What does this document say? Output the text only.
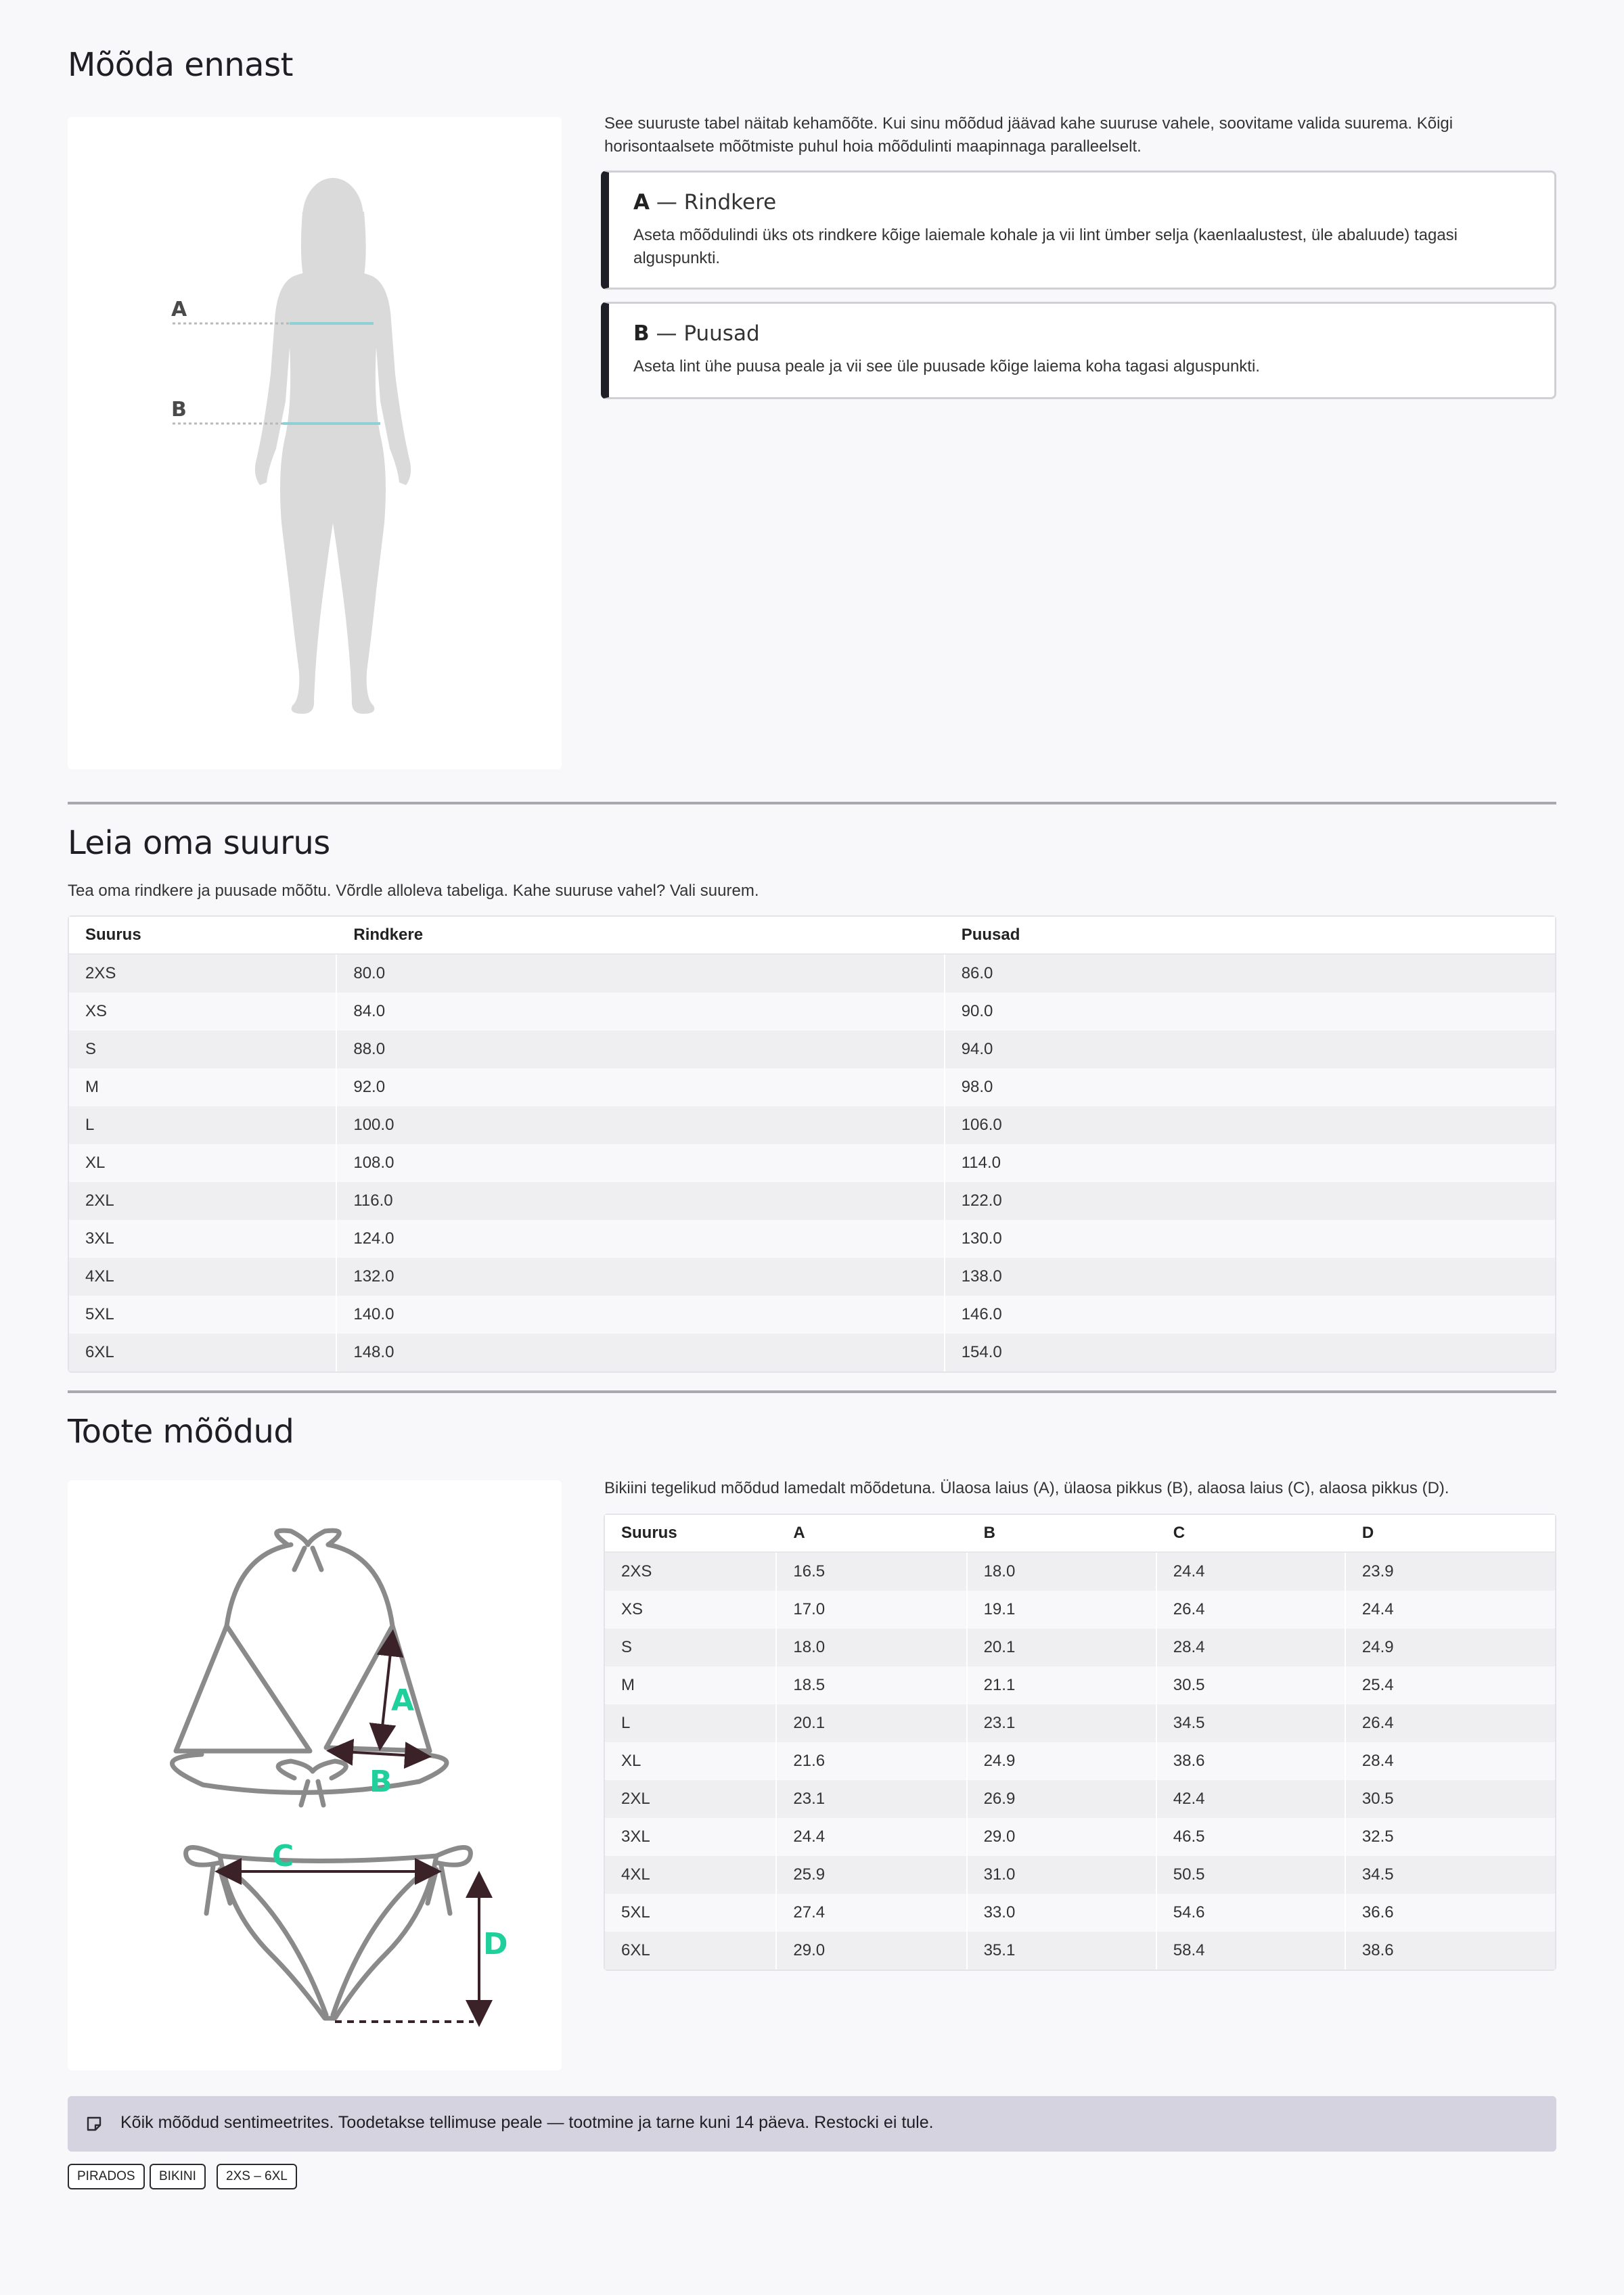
Mõõda ennast
A
B

See suuruste tabel näitab kehamõõte. Kui sinu mõõdud jäävad kahe suuruse vahele, soovitame valida suurema. Kõigi horisontaalsete mõõtmiste puhul hoia mõõdulinti maapinnaga paralleelselt.

A — Rindkere

Aseta mõõdulindi üks ots rindkere kõige laiemale kohale ja vii lint ümber selja (kaenlaalustest, üle abaluude) tagasi alguspunkti.

B — Puusad

Aseta lint ühe puusa peale ja vii see üle puusade kõige laiema koha tagasi alguspunkti.

Leia oma suurus

Tea oma rindkere ja puusade mõõtu. Võrdle alloleva tabeliga. Kahe suuruse vahel? Vali suurem.

Suurus	Rindkere	Puusad
2XS	80.0	86.0
XS	84.0	90.0
S	88.0	94.0
M	92.0	98.0
L	100.0	106.0
XL	108.0	114.0
2XL	116.0	122.0
3XL	124.0	130.0
4XL	132.0	138.0
5XL	140.0	146.0
6XL	148.0	154.0
Toote mõõdud
A
B
C
D

Bikiini tegelikud mõõdud lamedalt mõõdetuna. Ülaosa laius (A), ülaosa pikkus (B), alaosa laius (C), alaosa pikkus (D).

Suurus	A	B	C	D
2XS	16.5	18.0	24.4	23.9
XS	17.0	19.1	26.4	24.4
S	18.0	20.1	28.4	24.9
M	18.5	21.1	30.5	25.4
L	20.1	23.1	34.5	26.4
XL	21.6	24.9	38.6	28.4
2XL	23.1	26.9	42.4	30.5
3XL	24.4	29.0	46.5	32.5
4XL	25.9	31.0	50.5	34.5
5XL	27.4	33.0	54.6	36.6
6XL	29.0	35.1	58.4	38.6
Kõik mõõdud sentimeetrites. Toodetakse tellimuse peale — tootmine ja tarne kuni 14 päeva. Restocki ei tule.
PIRADOS	BIKINI	2XS – 6XL
